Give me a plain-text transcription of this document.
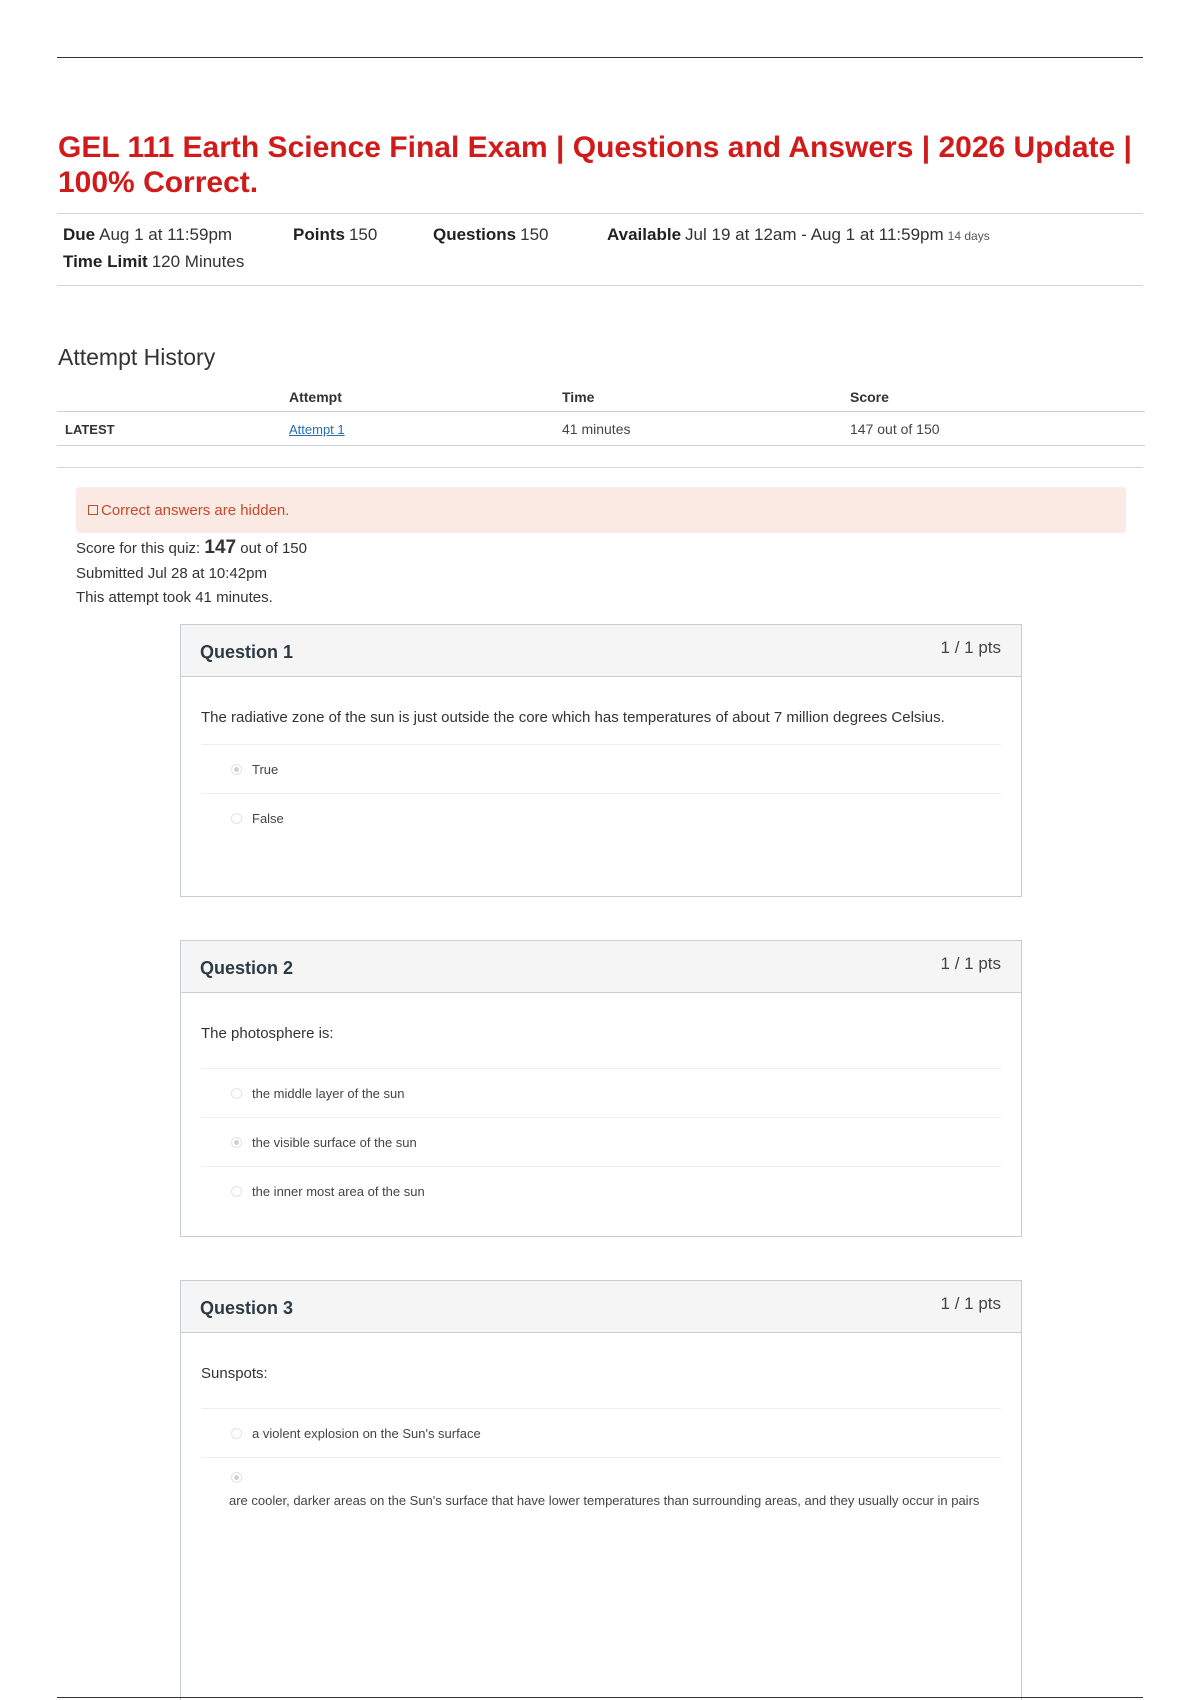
GEL 111 Earth Science Final Exam | Questions and Answers | 2026 Update | 100% Correct.
Due Aug 1 at 11:59pm	Points 150	Questions 150	Available Jul 19 at 12am - Aug 1 at 11:59pm 14 days
Time Limit 120 Minutes
Attempt History
	Attempt	Time	Score
LATEST	Attempt 1	41 minutes	147 out of 150
Correct answers are hidden.
Score for this quiz: 147 out of 150
Submitted Jul 28 at 10:42pm
This attempt took 41 minutes.
Question 1	1 / 1 pts
The radiative zone of the sun is just outside the core which has temperatures of about 7 million degrees Celsius.
True
False
Question 2	1 / 1 pts
The photosphere is:
the middle layer of the sun
the visible surface of the sun
the inner most area of the sun
Question 3	1 / 1 pts
Sunspots:
a violent explosion on the Sun's surface
are cooler, darker areas on the Sun's surface that have lower temperatures than surrounding areas, and they usually occur in pairs
